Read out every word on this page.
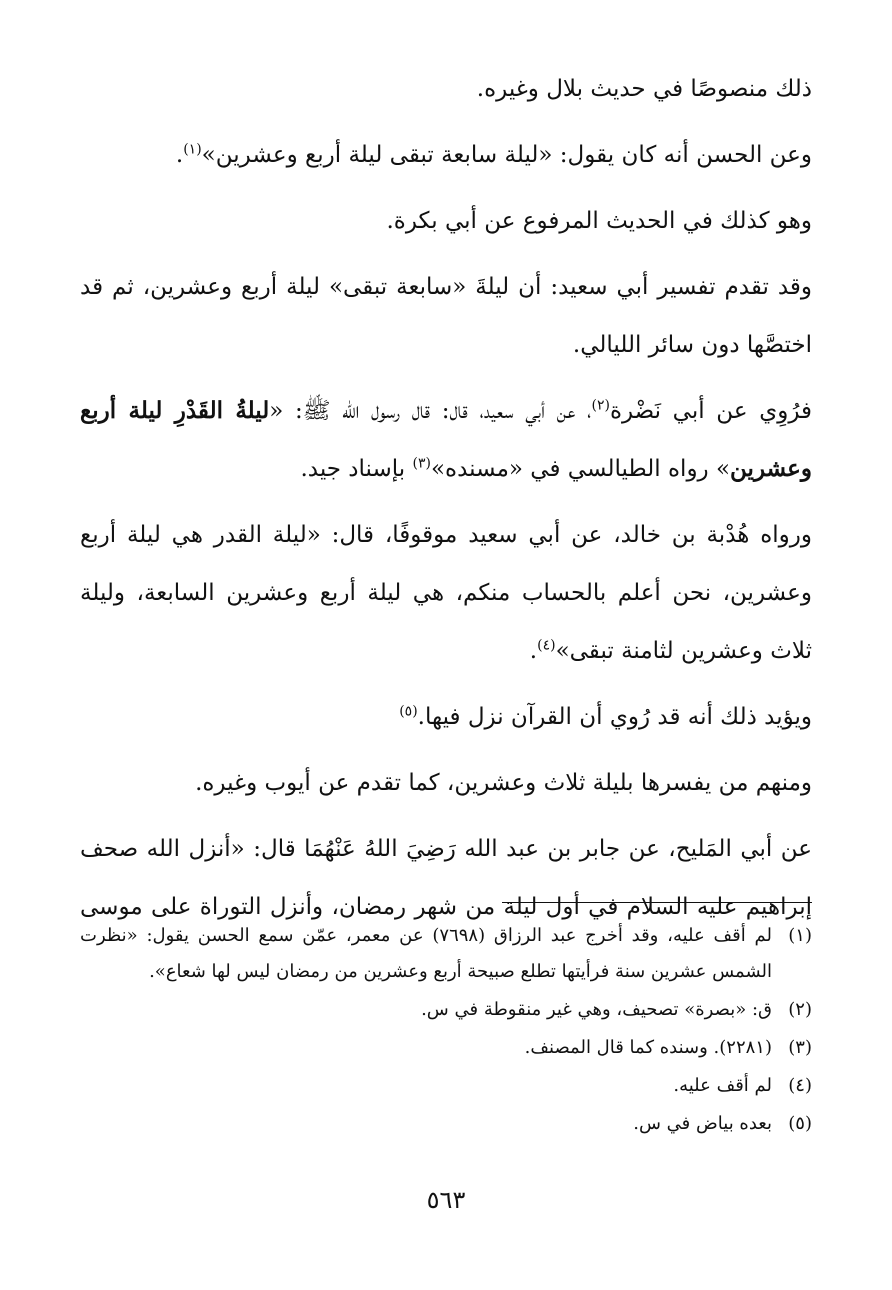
ذلك منصوصًا في حديث بلال وغيره.

وعن الحسن أنه كان يقول: «ليلة سابعة تبقى ليلة أربع وعشرين»$^{(١)}$.

وهو كذلك في الحديث المرفوع عن أبي بكرة.

وقد تقدم تفسير أبي سعيد: أن ليلةَ «سابعة تبقى» ليلة أربع وعشرين، ثم قد اختصَّها دون سائر الليالي.

فرُوِي عن أبي نَضْرة$^{(٢)}$، عن أبي سعيد، قال: قال رسول الله ﷺ: «ليلةُ القَدْرِ ليلة أربع وعشرين» رواه الطيالسي في «مسنده»$^{(٣)}$ بإسناد جيد.

ورواه هُدْبة بن خالد، عن أبي سعيد موقوفًا، قال: «ليلة القدر هي ليلة أربع وعشرين، نحن أعلم بالحساب منكم، هي ليلة أربع وعشرين السابعة، وليلة ثلاث وعشرين لثامنة تبقى»$^{(٤)}$.

ويؤيد ذلك أنه قد رُوي أن القرآن نزل فيها.$^{(٥)}$

ومنهم من يفسرها بليلة ثلاث وعشرين، كما تقدم عن أيوب وغيره.

عن أبي المَليح، عن جابر بن عبد الله رَضِيَ اللهُ عَنْهُمَا قال: «أنزل الله صحف إبراهيم عليه السلام في أول ليلة من شهر رمضان، وأنزل التوراة على موسى

(١)
لم أقف عليه، وقد أخرج عبد الرزاق (٧٦٩٨) عن معمر، عمّن سمع الحسن يقول: «نظرت الشمس عشرين سنة فرأيتها تطلع صبيحة أربع وعشرين من رمضان ليس لها شعاع».
(٢)
ق: «بصرة» تصحيف، وهي غير منقوطة في س.
(٣)
(٢٢٨١). وسنده كما قال المصنف.
(٤)
لم أقف عليه.
(٥)
بعده بياض في س.
٥٦٣
